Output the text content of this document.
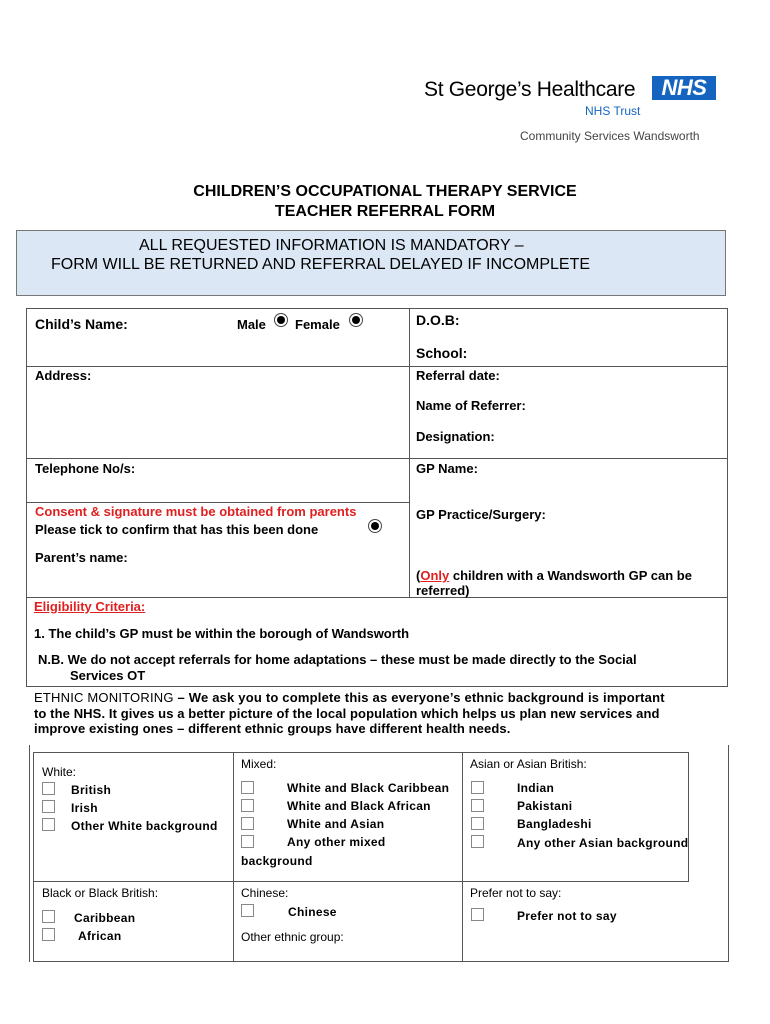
St George’s Healthcare	NHS
NHS Trust
Community Services Wandsworth
CHILDREN’S OCCUPATIONAL THERAPY SERVICE
TEACHER REFERRAL FORM
ALL REQUESTED INFORMATION IS MANDATORY –
FORM WILL BE RETURNED AND REFERRAL DELAYED IF INCOMPLETE
Child’s Name:	Male Female	D.O.B:
School:
Address:	Referral date:
Name of Referrer:
Designation:
Telephone No/s:	GP Name:
Consent & signature must be obtained from parents
Please tick to confirm that has this been done
GP Practice/Surgery:
Parent’s name:
(Only children with a Wandsworth GP can be
referred)
Eligibility Criteria:
1. The child’s GP must be within the borough of Wandsworth
N.B. We do not accept referrals for home adaptations – these must be made directly to the Social
Services OT
ETHNIC MONITORING – We ask you to complete this as everyone’s ethnic background is important
to the NHS. It gives us a better picture of the local population which helps us plan new services and
improve existing ones – different ethnic groups have different health needs.
White:
British
Irish
Other White background
Mixed:
White and Black Caribbean
White and Black African
White and Asian
Any other mixed
background
Asian or Asian British:
Indian
Pakistani
Bangladeshi
Any other Asian background
Black or Black British:
Caribbean
African
Chinese:
Chinese
Other ethnic group:
Prefer not to say:
Prefer not to say
